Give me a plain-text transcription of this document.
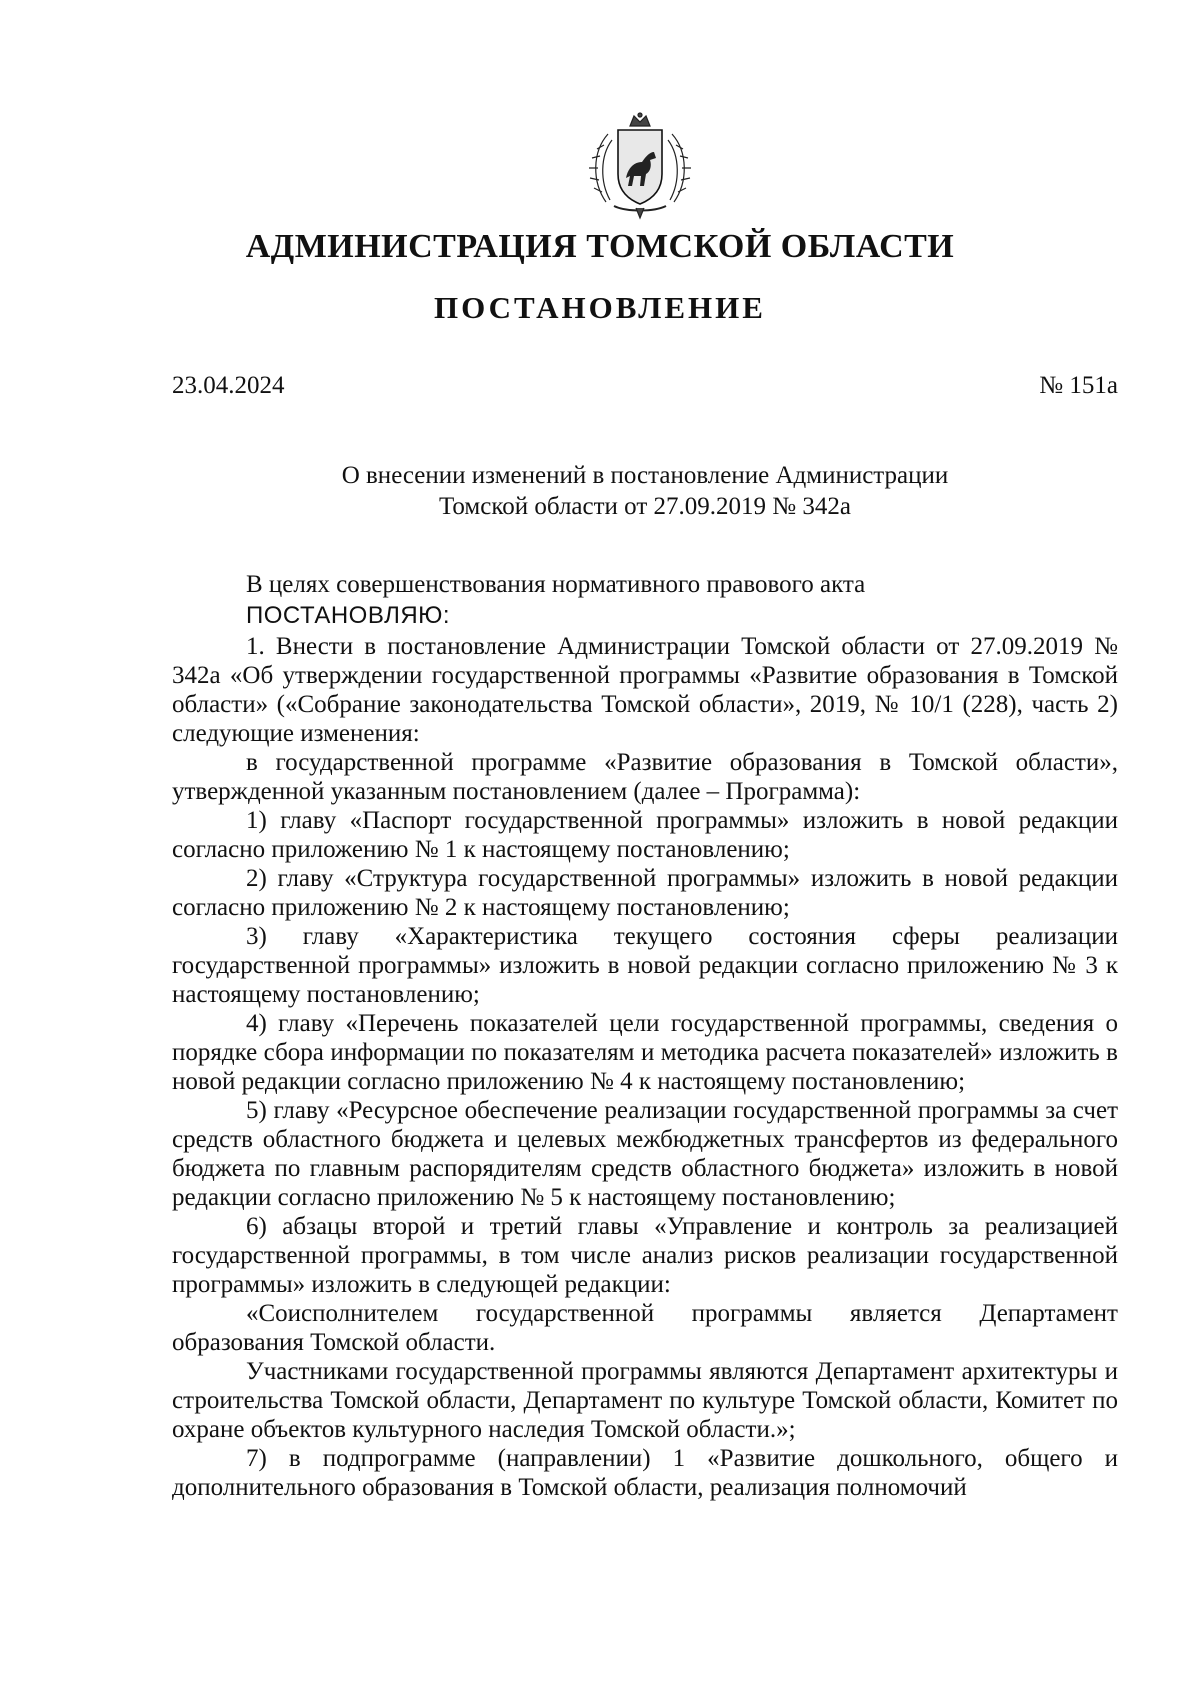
АДМИНИСТРАЦИЯ ТОМСКОЙ ОБЛАСТИ
ПОСТАНОВЛЕНИЕ
23.04.2024	№ 151а
О внесении изменений в постановление Администрации
Томской области от 27.09.2019 № 342а

В целях совершенствования нормативного правового акта

ПОСТАНОВЛЯЮ:

1. Внести в постановление Администрации Томской области от 27.09.2019 № 342а «Об утверждении государственной программы «Развитие образования в Томской области» («Собрание законодательства Томской области», 2019, № 10/1 (228), часть 2) следующие изменения:

в государственной программе «Развитие образования в Томской области», утвержденной указанным постановлением (далее – Программа):

1) главу «Паспорт государственной программы» изложить в новой редакции согласно приложению № 1 к настоящему постановлению;

2) главу «Структура государственной программы» изложить в новой редакции согласно приложению № 2 к настоящему постановлению;

3) главу «Характеристика текущего состояния сферы реализации государственной программы» изложить в новой редакции согласно приложению № 3 к настоящему постановлению;

4) главу «Перечень показателей цели государственной программы, сведения о порядке сбора информации по показателям и методика расчета показателей» изложить в новой редакции согласно приложению № 4 к настоящему постановлению;

5) главу «Ресурсное обеспечение реализации государственной программы за счет средств областного бюджета и целевых межбюджетных трансфертов из федерального бюджета по главным распорядителям средств областного бюджета» изложить в новой редакции согласно приложению № 5 к настоящему постановлению;

6) абзацы второй и третий главы «Управление и контроль за реализацией государственной программы, в том числе анализ рисков реализации государственной программы» изложить в следующей редакции:

«Соисполнителем государственной программы является Департамент образования Томской области.

Участниками государственной программы являются Департамент архитектуры и строительства Томской области, Департамент по культуре Томской области, Комитет по охране объектов культурного наследия Томской области.»;

7) в подпрограмме (направлении) 1 «Развитие дошкольного, общего и дополнительного образования в Томской области, реализация полномочий
